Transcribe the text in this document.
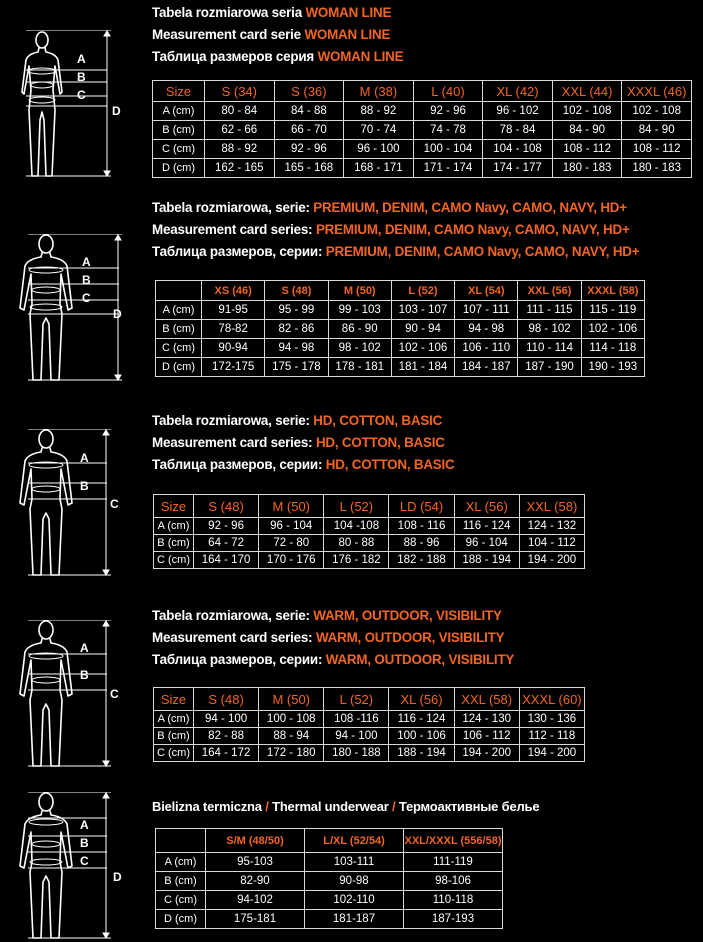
A
B
C
D
Tabela rozmiarowa seria WOMAN LINE
Measurement card serie WOMAN LINE
Таблица размеров серия WOMAN LINE
Size	S (34)	S (36)	M (38)	L (40)	XL (42)	XXL (44)	XXXL (46)
A (cm)	80 - 84	84 - 88	88 - 92	92 - 96	96 - 102	102 - 108	102 - 108
B (cm)	62 - 66	66 - 70	70 - 74	74 - 78	78 - 84	84 - 90	84 - 90
C (cm)	88 - 92	92 - 96	96 - 100	100 - 104	104 - 108	108 - 112	108 - 112
D (cm)	162 - 165	165 - 168	168 - 171	171 - 174	174 - 177	180 - 183	180 - 183
A
B
C
D
Tabela rozmiarowa, serie: PREMIUM, DENIM, CAMO Navy, CAMO, NAVY, HD+
Measurement card series: PREMIUM, DENIM, CAMO Navy, CAMO, NAVY, HD+
Таблица размеров, серии: PREMIUM, DENIM, CAMO Navy, CAMO, NAVY, HD+
	XS (46)	S (48)	M (50)	L (52)	XL (54)	XXL (56)	XXXL (58)
A (cm)	91-95	95 - 99	99 - 103	103 - 107	107 - 111	111 - 115	115 - 119
B (cm)	78-82	82 - 86	86 - 90	90 - 94	94 - 98	98 - 102	102 - 106
C (cm)	90-94	94 - 98	98 - 102	102 - 106	106 - 110	110 - 114	114 - 118
D (cm)	172-175	175 - 178	178 - 181	181 - 184	184 - 187	187 - 190	190 - 193
A
B
C
Tabela rozmiarowa, serie: HD, COTTON, BASIC
Measurement card series: HD, COTTON, BASIC
Таблица размеров, серии: HD, COTTON, BASIC
Size	S (48)	M (50)	L (52)	LD (54)	XL (56)	XXL (58)
A (cm)	92 - 96	96 - 104	104 -108	108 - 116	116 - 124	124 - 132
B (cm)	64 - 72	72 - 80	80 - 88	88 - 96	96 - 104	104 - 112
C (cm)	164 - 170	170 - 176	176 - 182	182 - 188	188 - 194	194 - 200
A
B
C
Tabela rozmiarowa, serie: WARM, OUTDOOR, VISIBILITY
Measurement card series: WARM, OUTDOOR, VISIBILITY
Таблица размеров, серии: WARM, OUTDOOR, VISIBILITY
Size	S (48)	M (50)	L (52)	XL (56)	XXL (58)	XXXL (60)
A (cm)	94 - 100	100 - 108	108 -116	116 - 124	124 - 130	130 - 136
B (cm)	82 - 88	88 - 94	94 - 100	100 - 106	106 - 112	112 - 118
C (cm)	164 - 172	172 - 180	180 - 188	188 - 194	194 - 200	194 - 200
A
B
C
D
Bielizna termiczna / Thermal underwear / Термоактивные белье
	S/M (48/50)	L/XL (52/54)	XXL/XXXL (556/58)
A (cm)	95-103	103-111	111-119
B (cm)	82-90	90-98	98-106
C (cm)	94-102	102-110	110-118
D (cm)	175-181	181-187	187-193
